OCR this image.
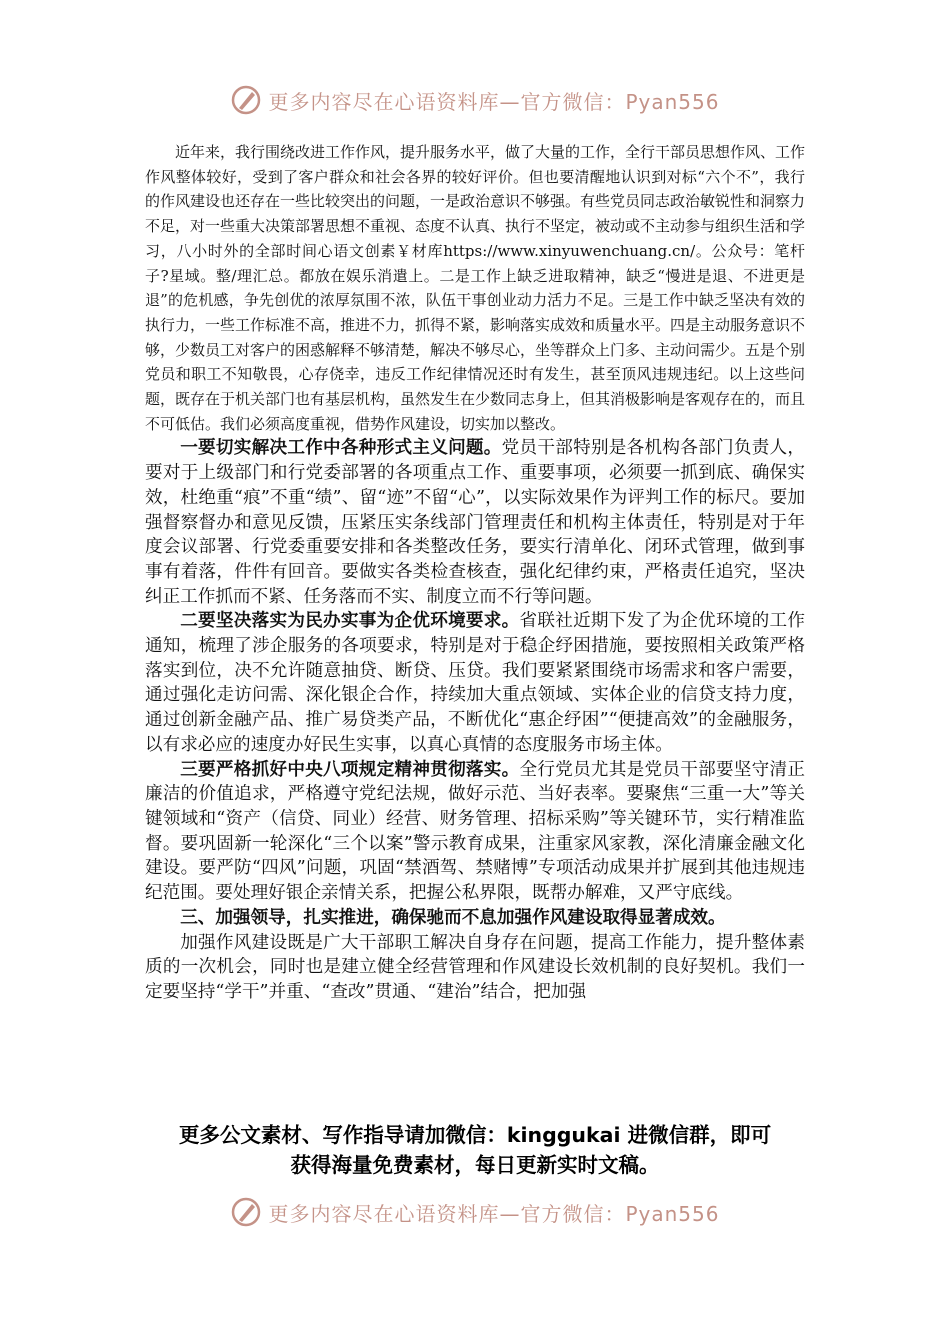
更多内容尽在心语资料库—官方微信：Pyan556

近年来，我行围绕改进工作作风，提升服务水平，做了大量的工作，全行干部员思想作风、工作作风整体较好，受到了客户群众和社会各界的较好评价。但也要清醒地认识到对标“六个不”，我行的作风建设也还存在一些比较突出的问题，一是政治意识不够强。有些党员同志政治敏锐性和洞察力不足，对一些重大决策部署思想不重视、态度不认真、执行不坚定，被动或不主动参与组织生活和学习，八小时外的全部时间心语文创素￥材库https://www.xinyuwenchuang.cn/。公众号：笔杆子?星域。整/理汇总。都放在娱乐消遣上。二是工作上缺乏进取精神，缺乏“慢进是退、不进更是退”的危机感，争先创优的浓厚氛围不浓，队伍干事创业动力活力不足。三是工作中缺乏坚决有效的执行力，一些工作标准不高，推进不力，抓得不紧，影响落实成效和质量水平。四是主动服务意识不够，少数员工对客户的困惑解释不够清楚，解决不够尽心，坐等群众上门多、主动问需少。五是个别党员和职工不知敬畏，心存侥幸，违反工作纪律情况还时有发生，甚至顶风违规违纪。以上这些问题，既存在于机关部门也有基层机构，虽然发生在少数同志身上，但其消极影响是客观存在的，而且不可低估。我们必须高度重视，借势作风建设，切实加以整改。

一要切实解决工作中各种形式主义问题。党员干部特别是各机构各部门负责人，要对于上级部门和行党委部署的各项重点工作、重要事项，必须要一抓到底、确保实效，杜绝重“痕”不重“绩”、留“迹”不留“心”，以实际效果作为评判工作的标尺。要加强督察督办和意见反馈，压紧压实条线部门管理责任和机构主体责任，特别是对于年度会议部署、行党委重要安排和各类整改任务，要实行清单化、闭环式管理，做到事事有着落，件件有回音。要做实各类检查核查，强化纪律约束，严格责任追究，坚决纠正工作抓而不紧、任务落而不实、制度立而不行等问题。

二要坚决落实为民办实事为企优环境要求。省联社近期下发了为企优环境的工作通知，梳理了涉企服务的各项要求，特别是对于稳企纾困措施，要按照相关政策严格落实到位，决不允许随意抽贷、断贷、压贷。我们要紧紧围绕市场需求和客户需要，通过强化走访问需、深化银企合作，持续加大重点领域、实体企业的信贷支持力度，通过创新金融产品、推广易贷类产品，不断优化“惠企纾困”“便捷高效”的金融服务，以有求必应的速度办好民生实事，以真心真情的态度服务市场主体。

三要严格抓好中央八项规定精神贯彻落实。全行党员尤其是党员干部要坚守清正廉洁的价值追求，严格遵守党纪法规，做好示范、当好表率。要聚焦“三重一大”等关键领域和“资产（信贷、同业）经营、财务管理、招标采购”等关键环节，实行精准监督。要巩固新一轮深化“三个以案”警示教育成果，注重家风家教，深化清廉金融文化建设。要严防“四风”问题，巩固“禁酒驾、禁赌博”专项活动成果并扩展到其他违规违纪范围。要处理好银企亲情关系，把握公私界限，既帮办解难，又严守底线。

三、加强领导，扎实推进，确保驰而不息加强作风建设取得显著成效。

加强作风建设既是广大干部职工解决自身存在问题，提高工作能力，提升整体素质的一次机会，同时也是建立健全经营管理和作风建设长效机制的良好契机。我们一定要坚持“学干”并重、“查改”贯通、“建治”结合，把加强

更多公文素材、写作指导请加微信：kinggukai 进微信群，即可
获得海量免费素材，每日更新实时文稿。
更多内容尽在心语资料库—官方微信：Pyan556
